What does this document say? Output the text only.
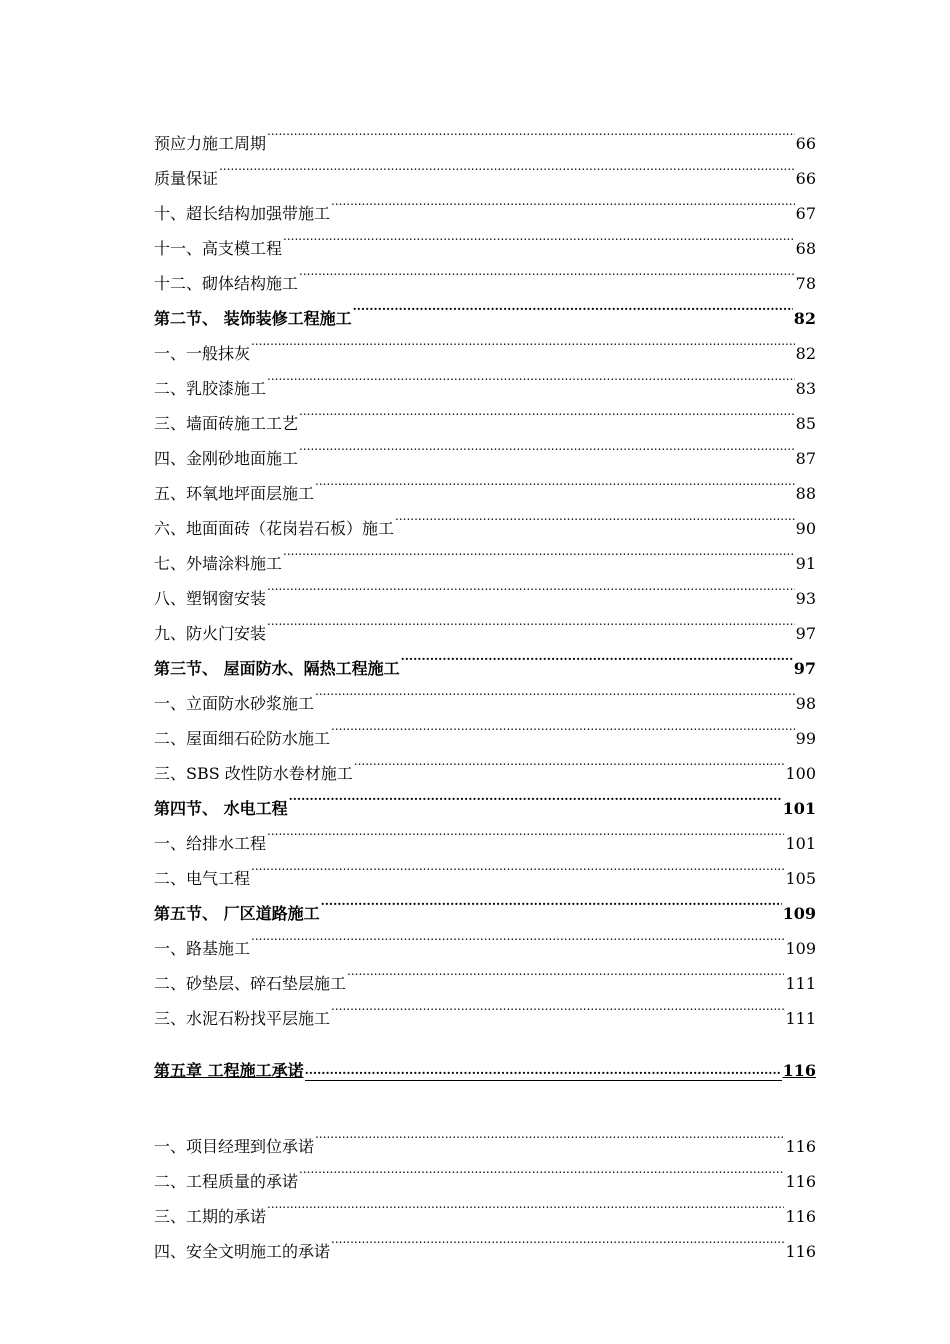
预应力施工周期 .....	66
质量保证 .....	66
十、超长结构加强带施工 .....	67
十一、高支模工程 .....	68
十二、砌体结构施工 .....	78
第二节、 装饰装修工程施工 .....	82
一、一般抹灰 .....	82
二、乳胶漆施工 .....	83
三、墙面砖施工工艺 .....	85
四、金刚砂地面施工 .....	87
五、环氧地坪面层施工 .....	88
六、地面面砖（花岗岩石板）施工 .....	90
七、外墙涂料施工 .....	91
八、塑钢窗安装 .....	93
九、防火门安装 .....	97
第三节、 屋面防水、隔热工程施工 .....	97
一、立面防水砂浆施工 .....	98
二、屋面细石砼防水施工 .....	99
三、SBS 改性防水卷材施工 .....	100
第四节、 水电工程 .....	101
一、给排水工程 .....	101
二、电气工程 .....	105
第五节、 厂区道路施工 .....	109
一、路基施工 .....	109
二、砂垫层、碎石垫层施工 .....	111
三、水泥石粉找平层施工 .....	111
第五章 工程施工承诺 .....	116
一、项目经理到位承诺 .....	116
二、工程质量的承诺 .....	116
三、工期的承诺 .....	116
四、安全文明施工的承诺 .....	116
